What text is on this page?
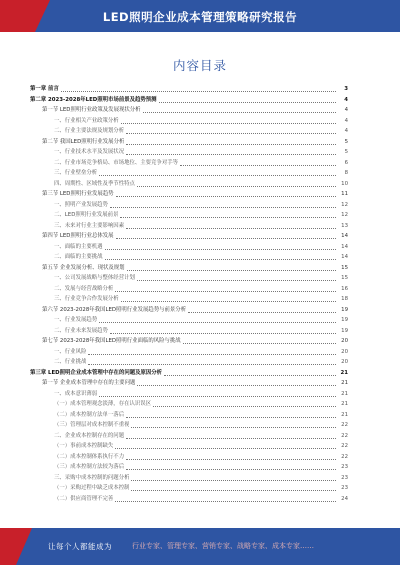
LED照明企业成本管理策略研究报告
内容目录
第一章 前言	3
第二章 2023-2028年LED照明市场前景及趋势预测	4
第一节 LED照明行业政策及发展现状分析	4
一、行业相关产业政策分析	4
二、行业主要法规及规划分析	4
第二节 我国LED照明行业发展分析	5
一、行业技术水平及发展状况	5
二、行业市场竞争格局、市场地位、主要竞争对手等	6
三、行业壁垒分析	8
四、周期性、区域性及季节性特点	10
第三节 LED照明行业发展趋势	11
一、照明产业发展趋势	12
二、LED照明行业发展前景	12
三、未来对行业主要影响因素	13
第四节 LED照明行业总体发展	14
一、面临的主要机遇	14
二、面临的主要挑战	14
第五节 企业发展分析、现状及规划	15
一、公司发展战略与整体经营计划	15
二、发展与经营战略分析	16
三、行业竞争合作发展分析	18
第六节 2023-2028年我国LED照明行业发展趋势与前景分析	19
一、行业发展趋势	19
二、行业未来发展趋势	19
第七节 2023-2028年我国LED照明行业面临的风险与挑战	20
一、行业风险	20
二、行业挑战	20
第三章 LED照明企业成本管理中存在的问题及原因分析	21
第一节 企业成本管理中存在的主要问题	21
一、成本意识薄弱	21
（一）成本管理观念淡薄，存在认识误区	21
（二）成本控制方法单一落后	21
（三）管理层对成本控制不重视	22
二、企业成本控制存在的问题	22
（一）事前成本控制缺失	22
（二）成本控制体系执行不力	22
（三）成本控制方法较为落后	23
三、采购中成本控制的问题分析	23
（一）采购过程中缺乏成本控制	23
（二）供应商管理不完善	24
让每个人都能成为	行业专家、管理专家、营销专家、战略专家、成本专家……
